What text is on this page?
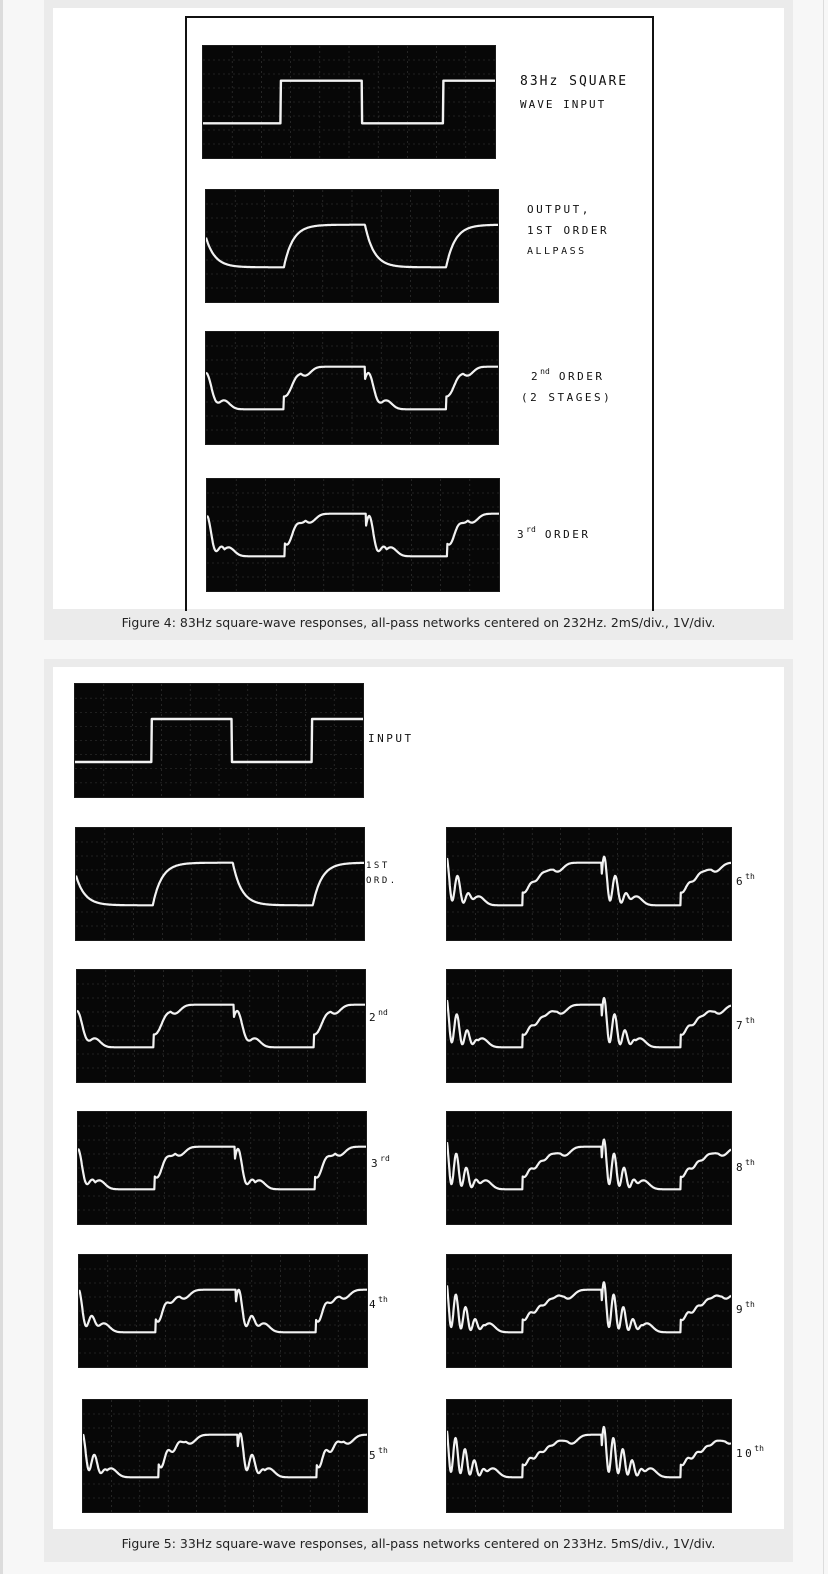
83Hz SQUARE
WAVE INPUT
OUTPUT,
1ST ORDER
ALLPASS
2nd ORDER
(2 STAGES)
3rd ORDER
Figure 4: 83Hz square-wave responses, all-pass networks centered on 232Hz. 2mS/div., 1V/div.
INPUT
1ST
ORD.
2nd
3rd
4th
5th
6th
7th
8th
9th
10th
Figure 5: 33Hz square-wave responses, all-pass networks centered on 233Hz. 5mS/div., 1V/div.
